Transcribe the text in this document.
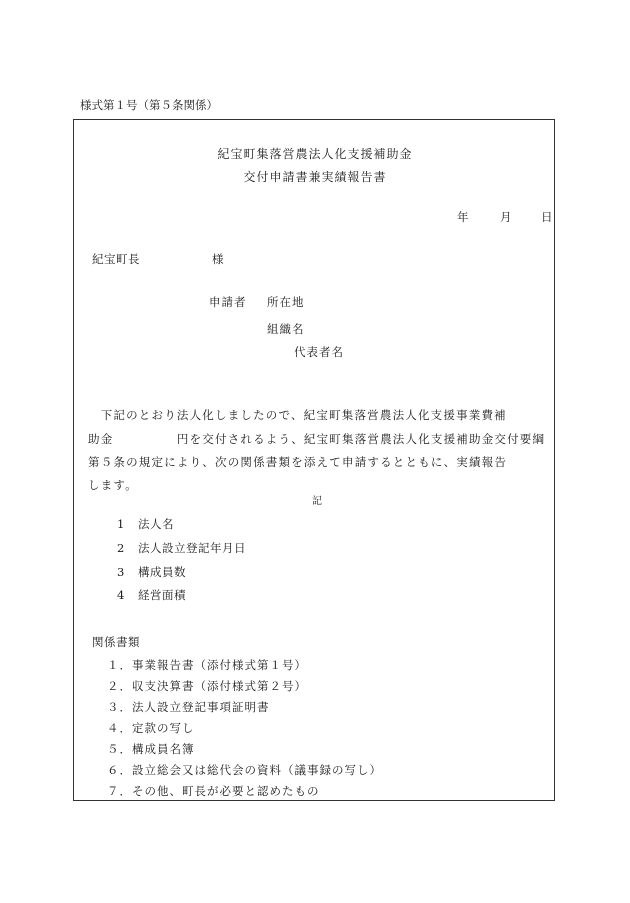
様式第１号（第５条関係）
紀宝町集落営農法人化支援補助金
交付申請書兼実績報告書
年	月	日
紀宝町長	様
申請者 所在地
組織名
代表者名
　下記のとおり法人化しましたので、紀宝町集落営農法人化支援事業費補
助金　　　　　円を交付されるよう、紀宝町集落営農法人化支援補助金交付要綱
第５条の規定により、次の関係書類を添えて申請するとともに、実績報告
します。
記
1 法人名
2 法人設立登記年月日
3 構成員数
4 経営面積
関係書類
１．事業報告書（添付様式第１号）
２．収支決算書（添付様式第２号）
３．法人設立登記事項証明書
４．定款の写し
５．構成員名簿
６．設立総会又は総代会の資料（議事録の写し）
７．その他、町長が必要と認めたもの
